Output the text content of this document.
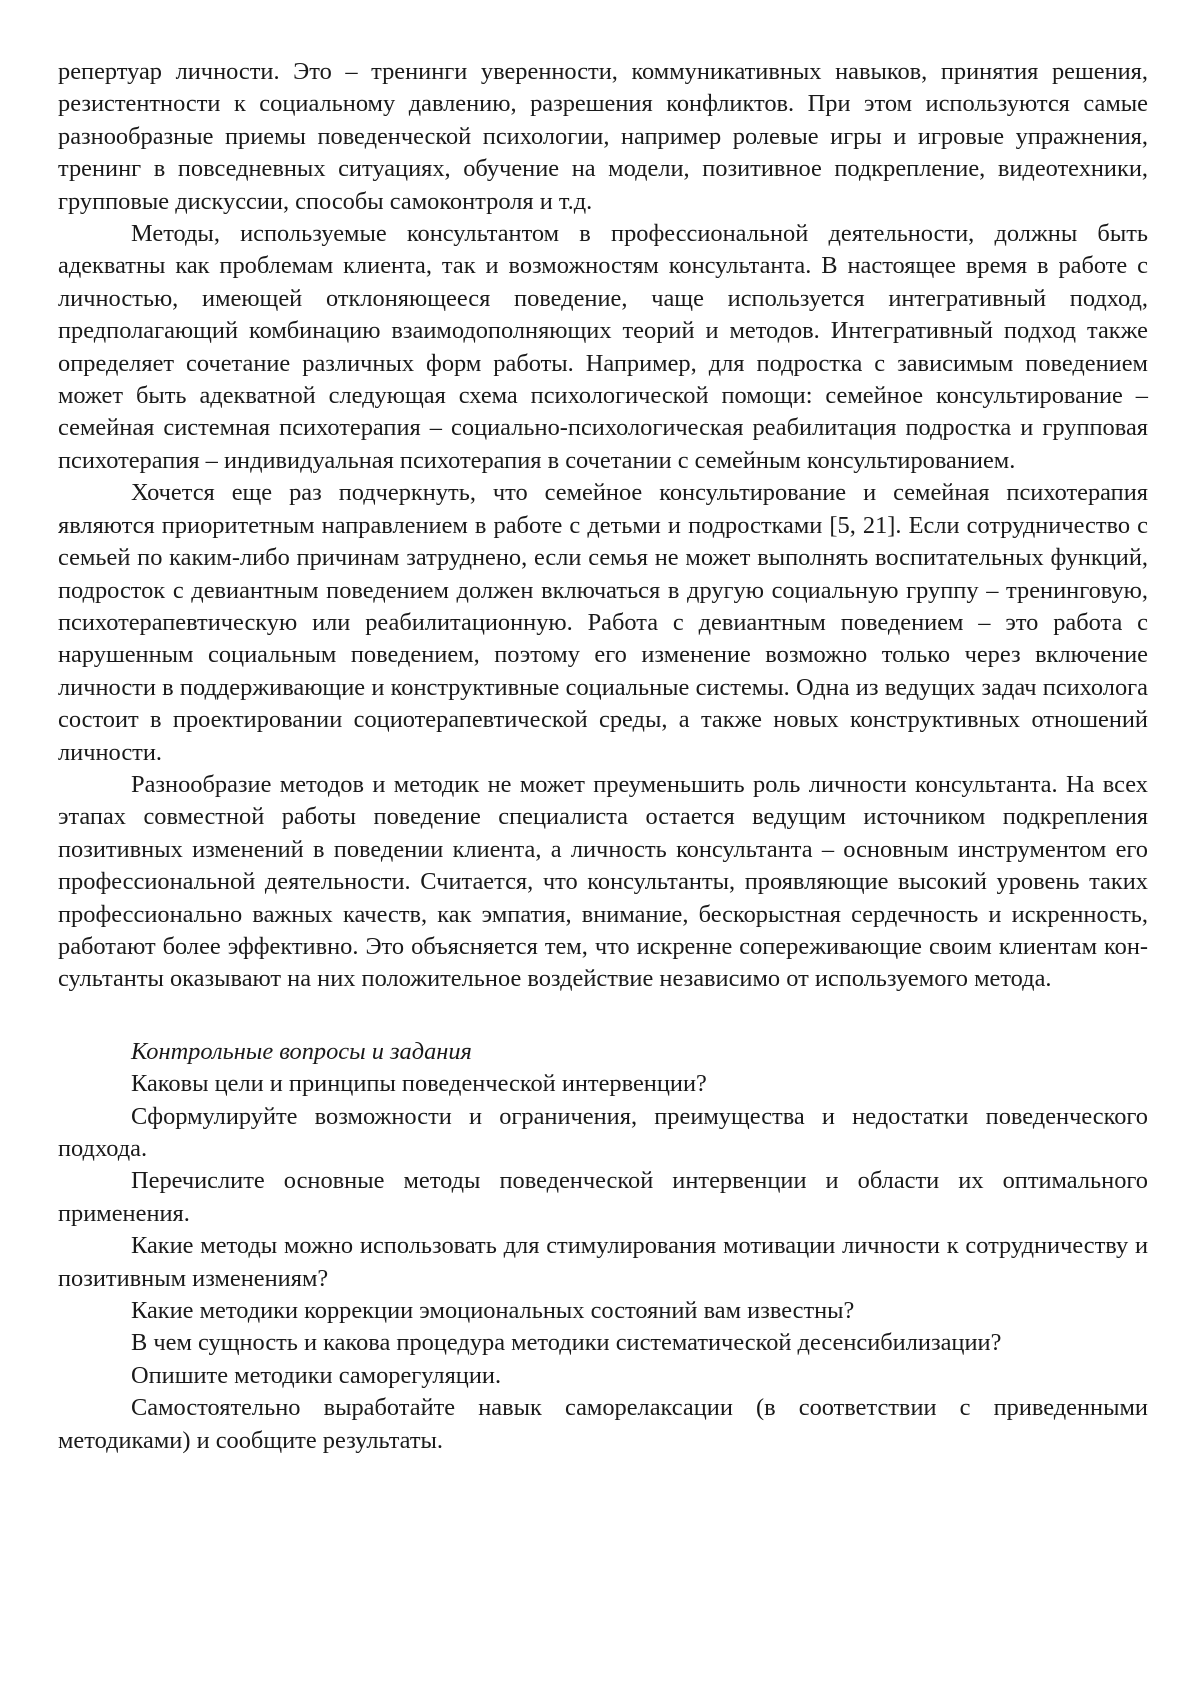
репертуар личности. Это – тренинги уверенности, коммуникативных навыков, принятия решения, резистентности к социальному давлению, разрешения конфликтов. При этом используются самые разнообразные приемы поведенческой психологии, например ролевые игры и игровые упражнения, тренинг в повседневных ситуациях, обучение на модели, позитивное подкрепление, видеотехники, групповые дискуссии, способы самоконтроля и т.д.

Методы, используемые консультантом в профессиональной деятельности, должны быть адекватны как проблемам клиента, так и возможностям консультанта. В настоящее время в работе с личностью, имеющей отклоняющееся поведение, чаще используется интегративный подход, предполагающий комбинацию взаимодополняющих теорий и методов. Интегративный подход также определяет сочетание различных форм работы. Например, для подростка с зависимым поведением может быть адекватной следующая схема психологической помощи: семейное консультирование – семейная системная психотерапия – социально-психологическая реабилитация подростка и групповая психотерапия – индивидуальная психотерапия в сочетании с семейным консультированием.

Хочется еще раз подчеркнуть, что семейное консультирование и семейная психотерапия являются приоритетным направлением в работе с детьми и подростками [5, 21]. Если сотрудничество с семьей по каким-либо причинам затруднено, если семья не может выполнять воспитательных функций, подросток с девиантным поведением должен включаться в другую социальную группу – тренинговую, психотерапевтическую или реабилитационную. Работа с девиантным поведением – это работа с нарушенным социальным поведением, поэтому его изменение возможно только через включение личности в поддерживающие и конструктивные социальные системы. Одна из ведущих задач психолога состоит в проектировании социотерапевтической среды, а также новых конструктивных отношений личности.

Разнообразие методов и методик не может преуменьшить роль личности консультанта. На всех этапах совместной работы поведение специалиста остается ведущим источником подкрепления позитивных изменений в поведении клиента, а личность консультанта – основным инструментом его профессиональной деятельности. Считается, что консультанты, проявляющие высокий уровень таких профессионально важных качеств, как эмпатия, внимание, бескорыстная сердечность и искренность, работают более эффективно. Это объясняется тем, что искренне сопереживающие своим клиентам консультанты оказывают на них положительное воздействие независимо от используемого метода.

Контрольные вопросы и задания

Каковы цели и принципы поведенческой интервенции?

Сформулируйте возможности и ограничения, преимущества и недостатки поведенческого подхода.

Перечислите основные методы поведенческой интервенции и области их оптимального применения.

Какие методы можно использовать для стимулирования мотивации личности к сотрудничеству и позитивным изменениям?

Какие методики коррекции эмоциональных состояний вам известны?

В чем сущность и какова процедура методики систематической десенсибилизации?

Опишите методики саморегуляции.

Самостоятельно выработайте навык саморелаксации (в соответствии с приведенными методиками) и сообщите результаты.
